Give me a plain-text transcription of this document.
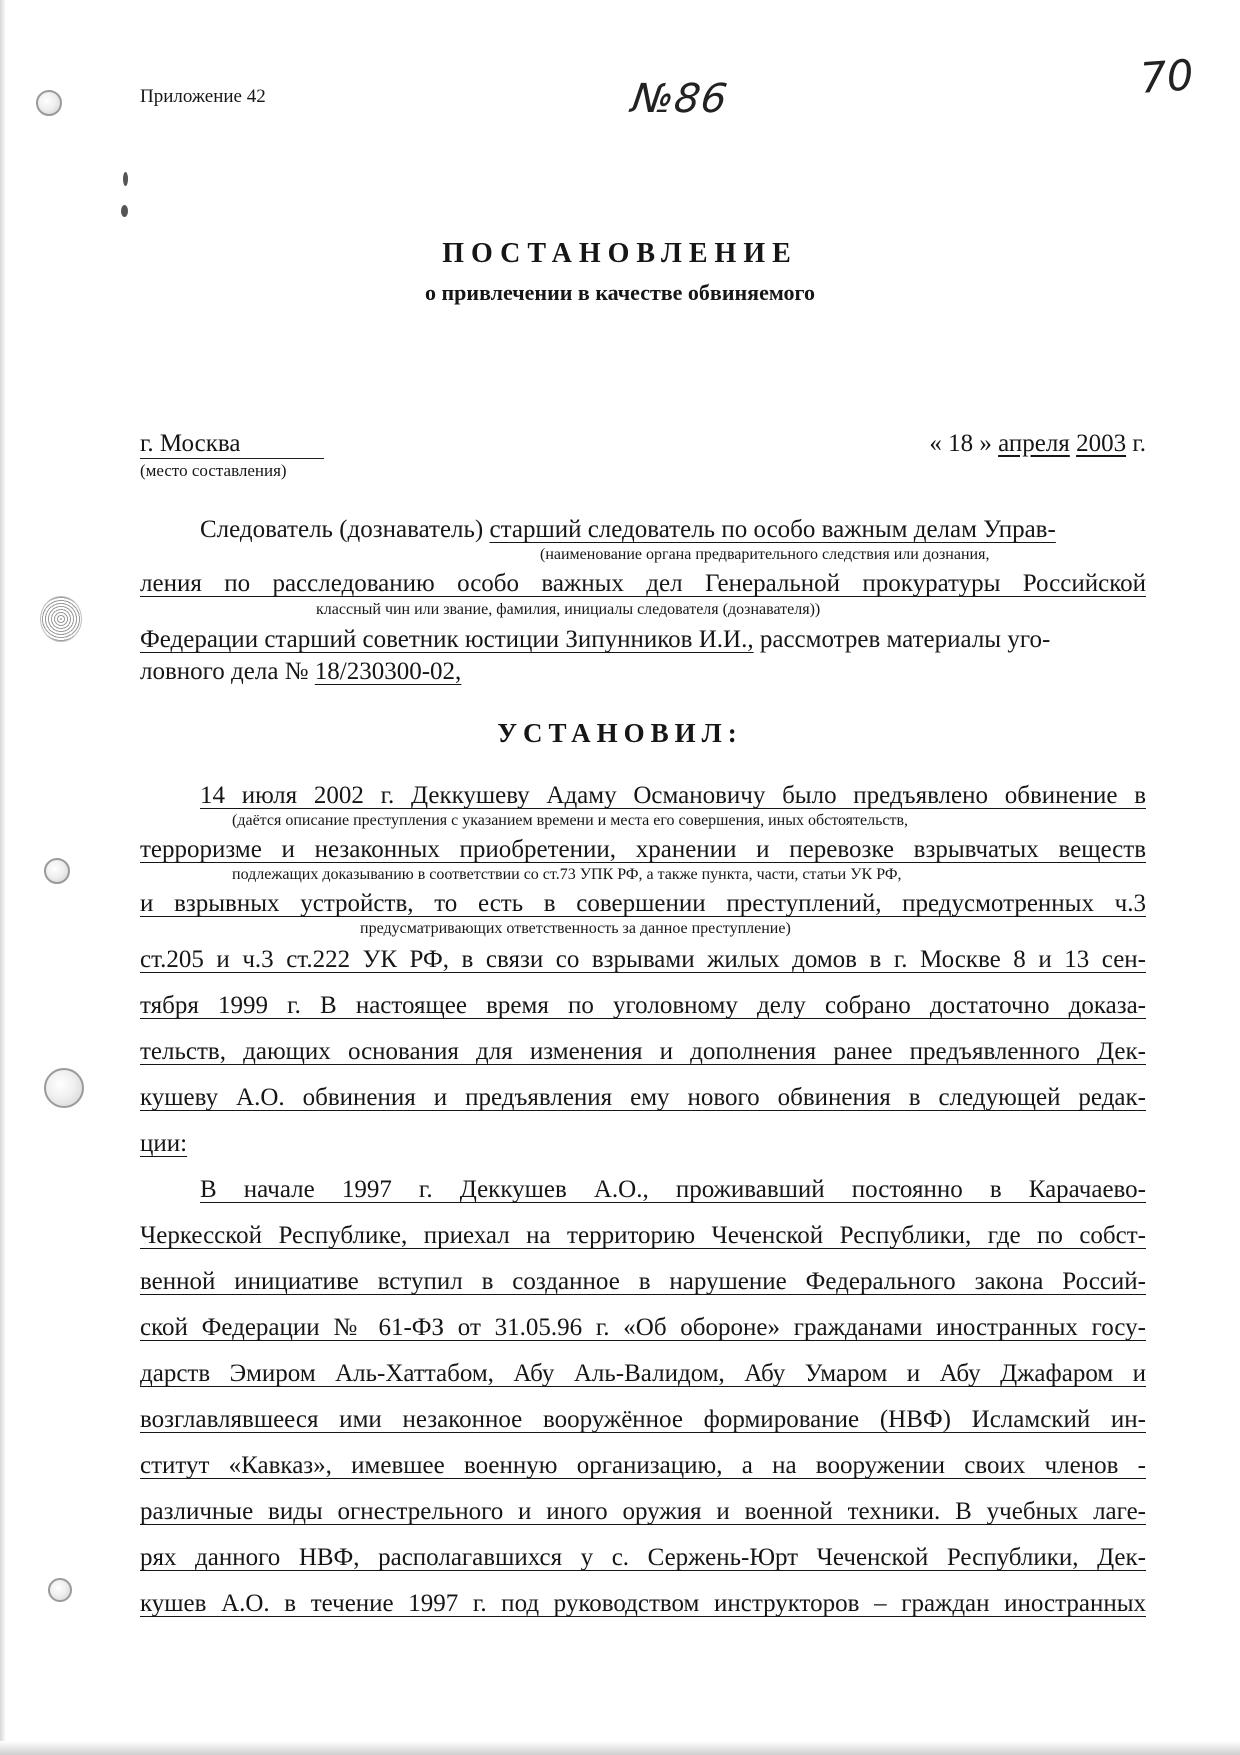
Приложение 42	№86	70
ПОСТАНОВЛЕНИЕ
о привлечении в качестве обвиняемого
г. Москва
(место составления)
« 18 » апреля 2003 г.
Следователь (дознаватель) старший следователь по особо важным делам Управ-
(наименование органа предварительного следствия или дознания,
ления по расследованию особо важных дел Генеральной прокуратуры Российской
классный чин или звание, фамилия, инициалы следователя (дознавателя))
Федерации старший советник юстиции Зипунников И.И., рассмотрев материалы уго-
ловного дела № 18/230300-02,
УСТАНОВИЛ:
14 июля 2002 г. Деккушеву Адаму Османовичу было предъявлено обвинение в
(даётся описание преступления с указанием времени и места его совершения, иных обстоятельств,
терроризме и незаконных приобретении, хранении и перевозке взрывчатых веществ
подлежащих доказыванию в соответствии со ст.73 УПК РФ, а также пункта, части, статьи УК РФ,
и взрывных устройств, то есть в совершении преступлений, предусмотренных ч.3
предусматривающих ответственность за данное преступление)
ст.205 и ч.3 ст.222 УК РФ, в связи со взрывами жилых домов в г. Москве 8 и 13 сен-
тября 1999 г. В настоящее время по уголовному делу собрано достаточно доказа-
тельств, дающих основания для изменения и дополнения ранее предъявленного Дек-
кушеву А.О. обвинения и предъявления ему нового обвинения в следующей редак-
ции:
В начале 1997 г. Деккушев А.О., проживавший постоянно в Карачаево-
Черкесской Республике, приехал на территорию Чеченской Республики, где по собст-
венной инициативе вступил в созданное в нарушение Федерального закона Россий-
ской Федерации № 61-ФЗ от 31.05.96 г. «Об обороне» гражданами иностранных госу-
дарств Эмиром Аль-Хаттабом, Абу Аль-Валидом, Абу Умаром и Абу Джафаром и
возглавлявшееся ими незаконное вооружённое формирование (НВФ) Исламский ин-
ститут «Кавказ», имевшее военную организацию, а на вооружении своих членов -
различные виды огнестрельного и иного оружия и военной техники. В учебных лаге-
рях данного НВФ, располагавшихся у с. Сержень-Юрт Чеченской Республики, Дек-
кушев А.О. в течение 1997 г. под руководством инструкторов – граждан иностранных
